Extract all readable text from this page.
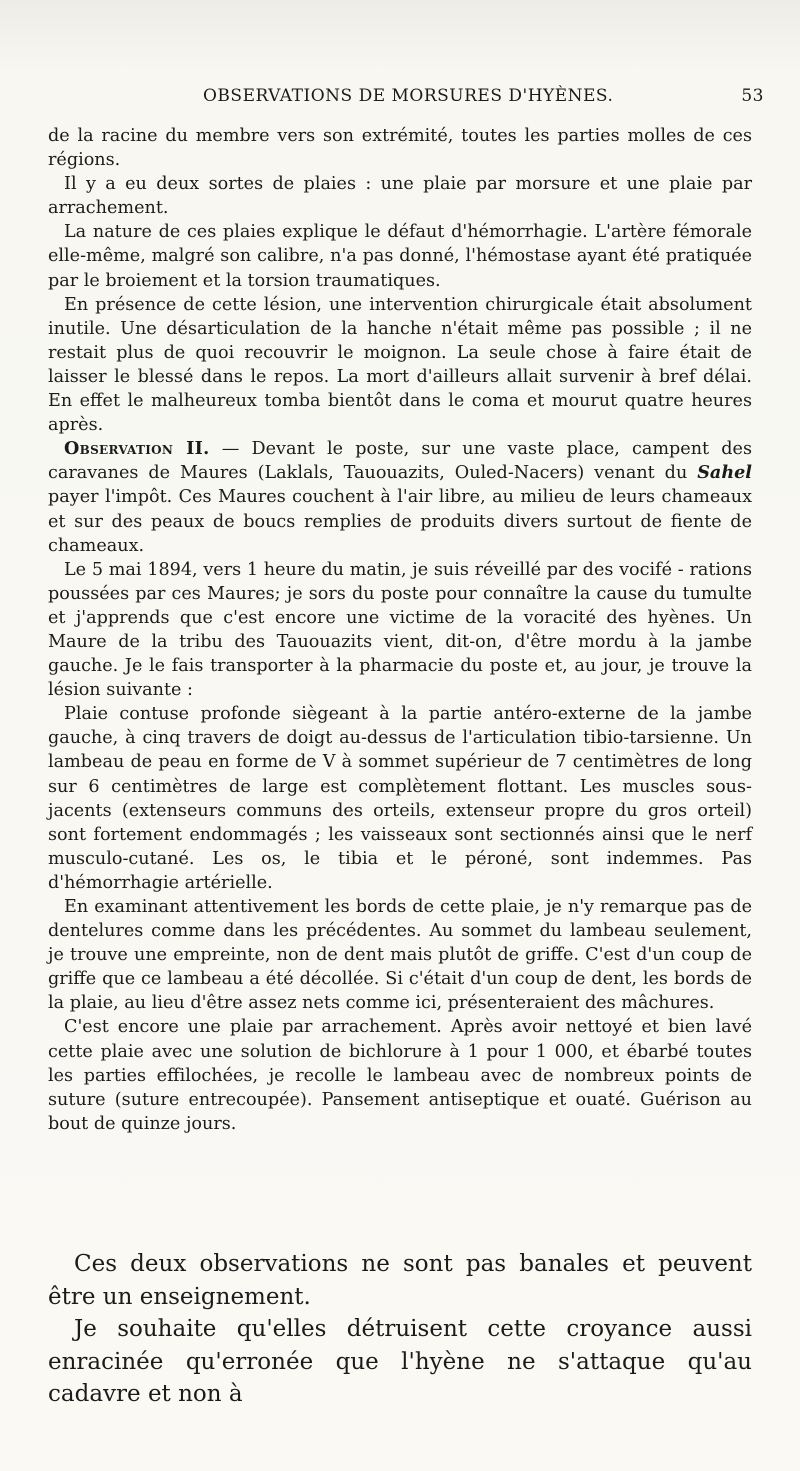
OBSERVATIONS DE MORSURES D'HYÈNES.	53

de la racine du membre vers son extrémité, toutes les parties molles de ces régions.

Il y a eu deux sortes de plaies : une plaie par morsure et une plaie par arrachement.

La nature de ces plaies explique le défaut d'hémorrhagie. L'artère fémorale elle-même, malgré son calibre, n'a pas donné, l'hémostase ayant été pratiquée par le broiement et la torsion traumatiques.

En présence de cette lésion, une intervention chirurgicale était absolument inutile. Une désarticulation de la hanche n'était même pas possible ; il ne restait plus de quoi recouvrir le moignon. La seule chose à faire était de laisser le blessé dans le repos. La mort d'ailleurs allait survenir à bref délai. En effet le malheureux tomba bientôt dans le coma et mourut quatre heures après.

Observation II. — Devant le poste, sur une vaste place, campent des caravanes de Maures (Laklals, Tauouazits, Ouled-Nacers) venant du Sahel payer l'impôt. Ces Maures couchent à l'air libre, au milieu de leurs chameaux et sur des peaux de boucs remplies de produits divers surtout de fiente de chameaux.

Le 5 mai 1894, vers 1 heure du matin, je suis réveillé par des vocifé - rations poussées par ces Maures; je sors du poste pour connaître la cause du tumulte et j'apprends que c'est encore une victime de la voracité des hyènes. Un Maure de la tribu des Tauouazits vient, dit-on, d'être mordu à la jambe gauche. Je le fais transporter à la pharmacie du poste et, au jour, je trouve la lésion suivante :

Plaie contuse profonde siègeant à la partie antéro-externe de la jambe gauche, à cinq travers de doigt au-dessus de l'articulation tibio-tarsienne. Un lambeau de peau en forme de V à sommet supérieur de 7 centimètres de long sur 6 centimètres de large est complètement flottant. Les muscles sous-jacents (extenseurs communs des orteils, extenseur propre du gros orteil) sont fortement endommagés ; les vaisseaux sont sectionnés ainsi que le nerf musculo-cutané. Les os, le tibia et le péroné, sont indemmes. Pas d'hémorrhagie artérielle.

En examinant attentivement les bords de cette plaie, je n'y remarque pas de dentelures comme dans les précédentes. Au sommet du lambeau seulement, je trouve une empreinte, non de dent mais plutôt de griffe. C'est d'un coup de griffe que ce lambeau a été décollée. Si c'était d'un coup de dent, les bords de la plaie, au lieu d'être assez nets comme ici, présenteraient des mâchures.

C'est encore une plaie par arrachement. Après avoir nettoyé et bien lavé cette plaie avec une solution de bichlorure à 1 pour 1 000, et ébarbé toutes les parties effilochées, je recolle le lambeau avec de nombreux points de suture (suture entrecoupée). Pansement antiseptique et ouaté. Guérison au bout de quinze jours.

Ces deux observations ne sont pas banales et peuvent être un enseignement.

Je souhaite qu'elles détruisent cette croyance aussi enracinée qu'erronée que l'hyène ne s'attaque qu'au cadavre et non à
